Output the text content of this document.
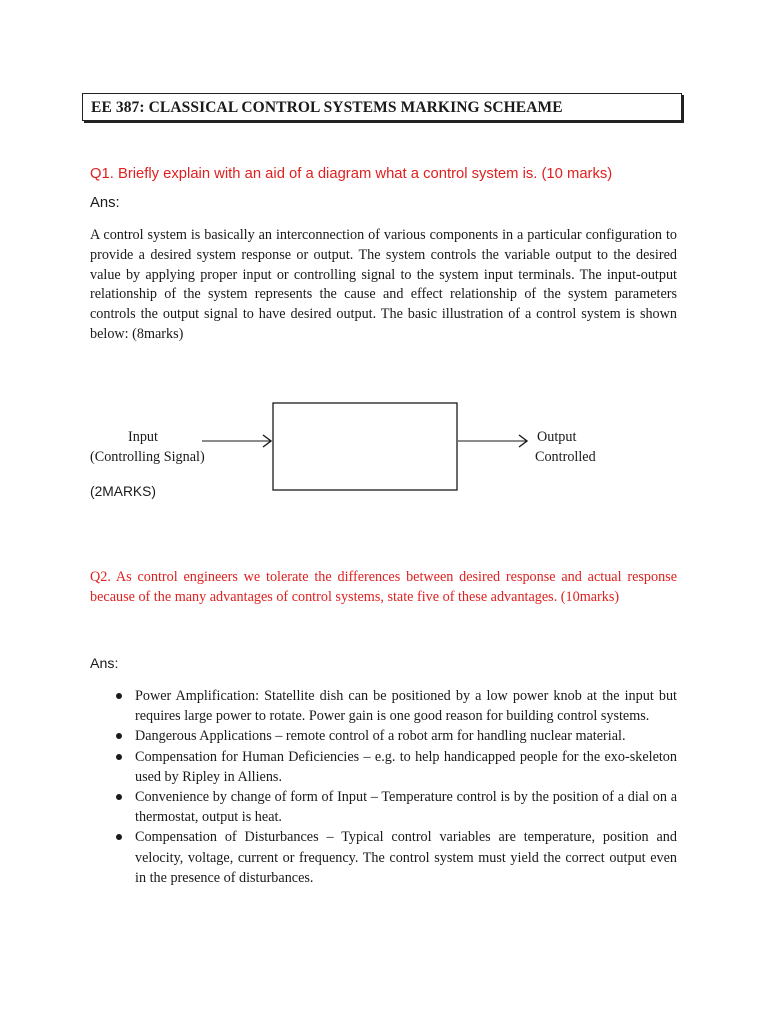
EE 387: CLASSICAL CONTROL SYSTEMS MARKING SCHEAME
Q1. Briefly explain with an aid of a diagram what a control system is. (10 marks)
Ans:

A control system is basically an interconnection of various components in a particular configuration to provide a desired system response or output. The system controls the variable output to the desired value by applying proper input or controlling signal to the system input terminals. The input-output relationship of the system represents the cause and effect relationship of the system parameters controls the output signal to have desired output. The basic illustration of a control system is shown below: (8marks)

Input
(Controlling Signal)
Output
Controlled
(2MARKS)

Q2. As control engineers we tolerate the differences between desired response and actual response because of the many advantages of control systems, state five of these advantages. (10marks)

Ans:
Power Amplification: Statellite dish can be positioned by a low power knob at the input but requires large power to rotate. Power gain is one good reason for building control systems.
Dangerous Applications – remote control of a robot arm for handling nuclear material.
Compensation for Human Deficiencies – e.g. to help handicapped people for the exo-skeleton used by Ripley in Alliens.
Convenience by change of form of Input – Temperature control is by the position of a dial on a thermostat, output is heat.
Compensation of Disturbances – Typical control variables are temperature, position and velocity, voltage, current or frequency. The control system must yield the correct output even in the presence of disturbances.
